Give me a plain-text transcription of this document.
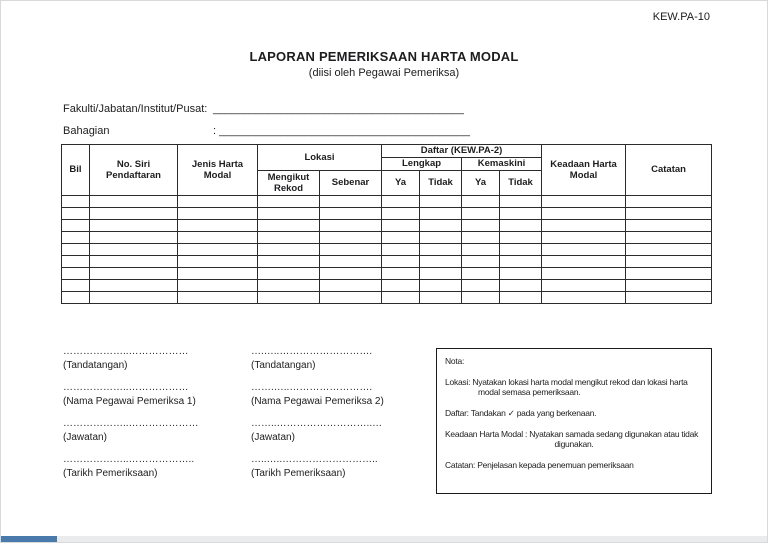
KEW.PA-10
LAPORAN PEMERIKSAAN HARTA MODAL
(diisi oleh Pegawai Pemeriksa)
Fakulti/Jabatan/Institut/Pusat: _________________________________________
Bahagian	: _________________________________________
Bil	No. Siri Pendaftaran	Jenis Harta Modal	Lokasi		Daftar (KEW.PA-2)				Keadaan Harta Modal	Catatan
					Lengkap		Kemaskini			
			Mengikut Rekod	Sebenar	Ya	Tidak	Ya	Tidak		

………………..………………
(Tandatangan)
………………..………………
(Nama Pegawai Pemeriksa 1)
………………..…………………
(Jawatan)
………………..………………..
(Tarikh Pemeriksaan)
….…..……………………….
(Tandatangan)
…….…..…………………….
(Nama Pegawai Pemeriksa 2)
……..………………………..…
(Jawatan)
…..…..………………………..
(Tarikh Pemeriksaan)
Nota:
Lokasi: Nyatakan lokasi harta modal mengikut rekod dan lokasi harta
modal semasa pemeriksaan.
Daftar: Tandakan ✓ pada yang berkenaan.
Keadaan Harta Modal : Nyatakan samada sedang digunakan atau tidak
digunakan.
Catatan: Penjelasan kepada penemuan pemeriksaan
